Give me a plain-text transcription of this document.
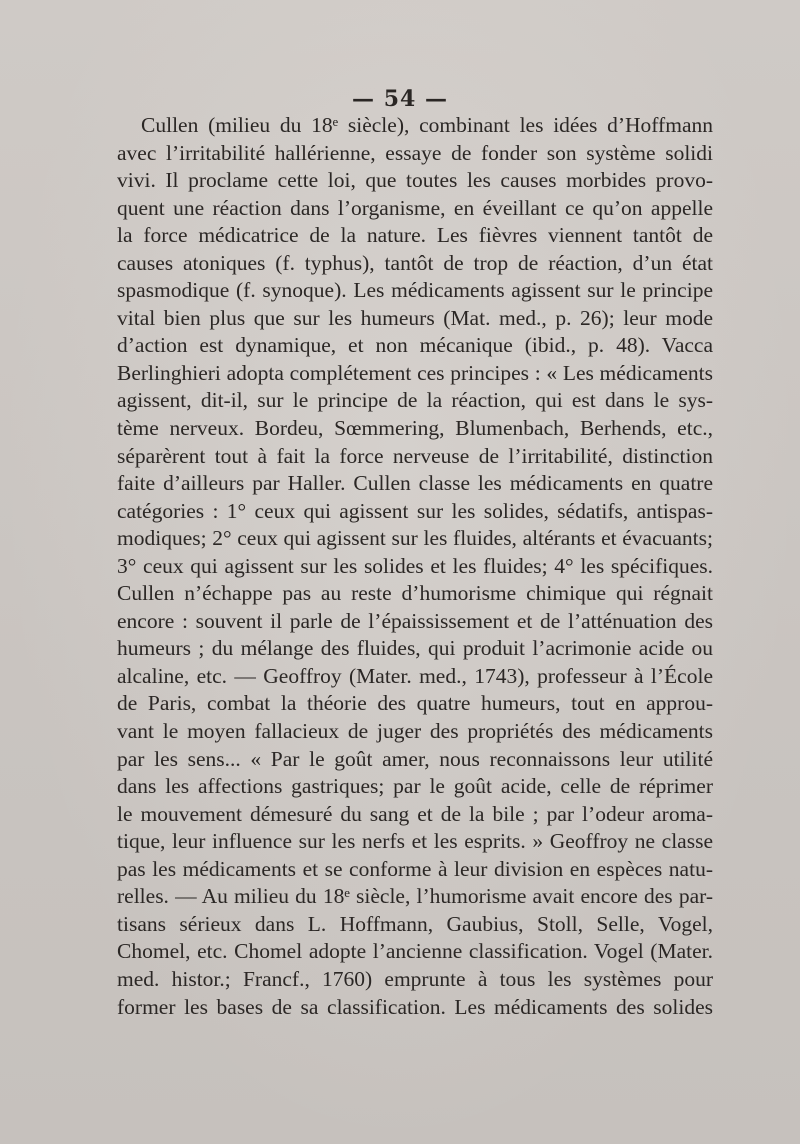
— 54 —
Cullen (milieu du 18ᵉ siècle), combinant les idées d’Hoffmann
avec l’irritabilité hallérienne, essaye de fonder son système solidi
vivi. Il proclame cette loi, que toutes les causes morbides provo-
quent une réaction dans l’organisme, en éveillant ce qu’on appelle
la force médicatrice de la nature. Les fièvres viennent tantôt de
causes atoniques (f. typhus), tantôt de trop de réaction, d’un état
spasmodique (f. synoque). Les médicaments agissent sur le principe
vital bien plus que sur les humeurs (Mat. med., p. 26); leur mode
d’action est dynamique, et non mécanique (ibid., p. 48). Vacca
Berlinghieri adopta complétement ces principes : « Les médicaments
agissent, dit-il, sur le principe de la réaction, qui est dans le sys-
tème nerveux. Bordeu, Sœmmering, Blumenbach, Berhends, etc.,
séparèrent tout à fait la force nerveuse de l’irritabilité, distinction
faite d’ailleurs par Haller. Cullen classe les médicaments en quatre
catégories : 1° ceux qui agissent sur les solides, sédatifs, antispas-
modiques; 2° ceux qui agissent sur les fluides, altérants et évacuants;
3° ceux qui agissent sur les solides et les fluides; 4° les spécifiques.
Cullen n’échappe pas au reste d’humorisme chimique qui régnait
encore : souvent il parle de l’épaississement et de l’atténuation des
humeurs ; du mélange des fluides, qui produit l’acrimonie acide ou
alcaline, etc. — Geoffroy (Mater. med., 1743), professeur à l’École
de Paris, combat la théorie des quatre humeurs, tout en approu-
vant le moyen fallacieux de juger des propriétés des médicaments
par les sens... « Par le goût amer, nous reconnaissons leur utilité
dans les affections gastriques; par le goût acide, celle de réprimer
le mouvement démesuré du sang et de la bile ; par l’odeur aroma-
tique, leur influence sur les nerfs et les esprits. » Geoffroy ne classe
pas les médicaments et se conforme à leur division en espèces natu-
relles. — Au milieu du 18ᵉ siècle, l’humorisme avait encore des par-
tisans sérieux dans L. Hoffmann, Gaubius, Stoll, Selle, Vogel,
Chomel, etc. Chomel adopte l’ancienne classification. Vogel (Mater.
med. histor.; Francf., 1760) emprunte à tous les systèmes pour
former les bases de sa classification. Les médicaments des solides
